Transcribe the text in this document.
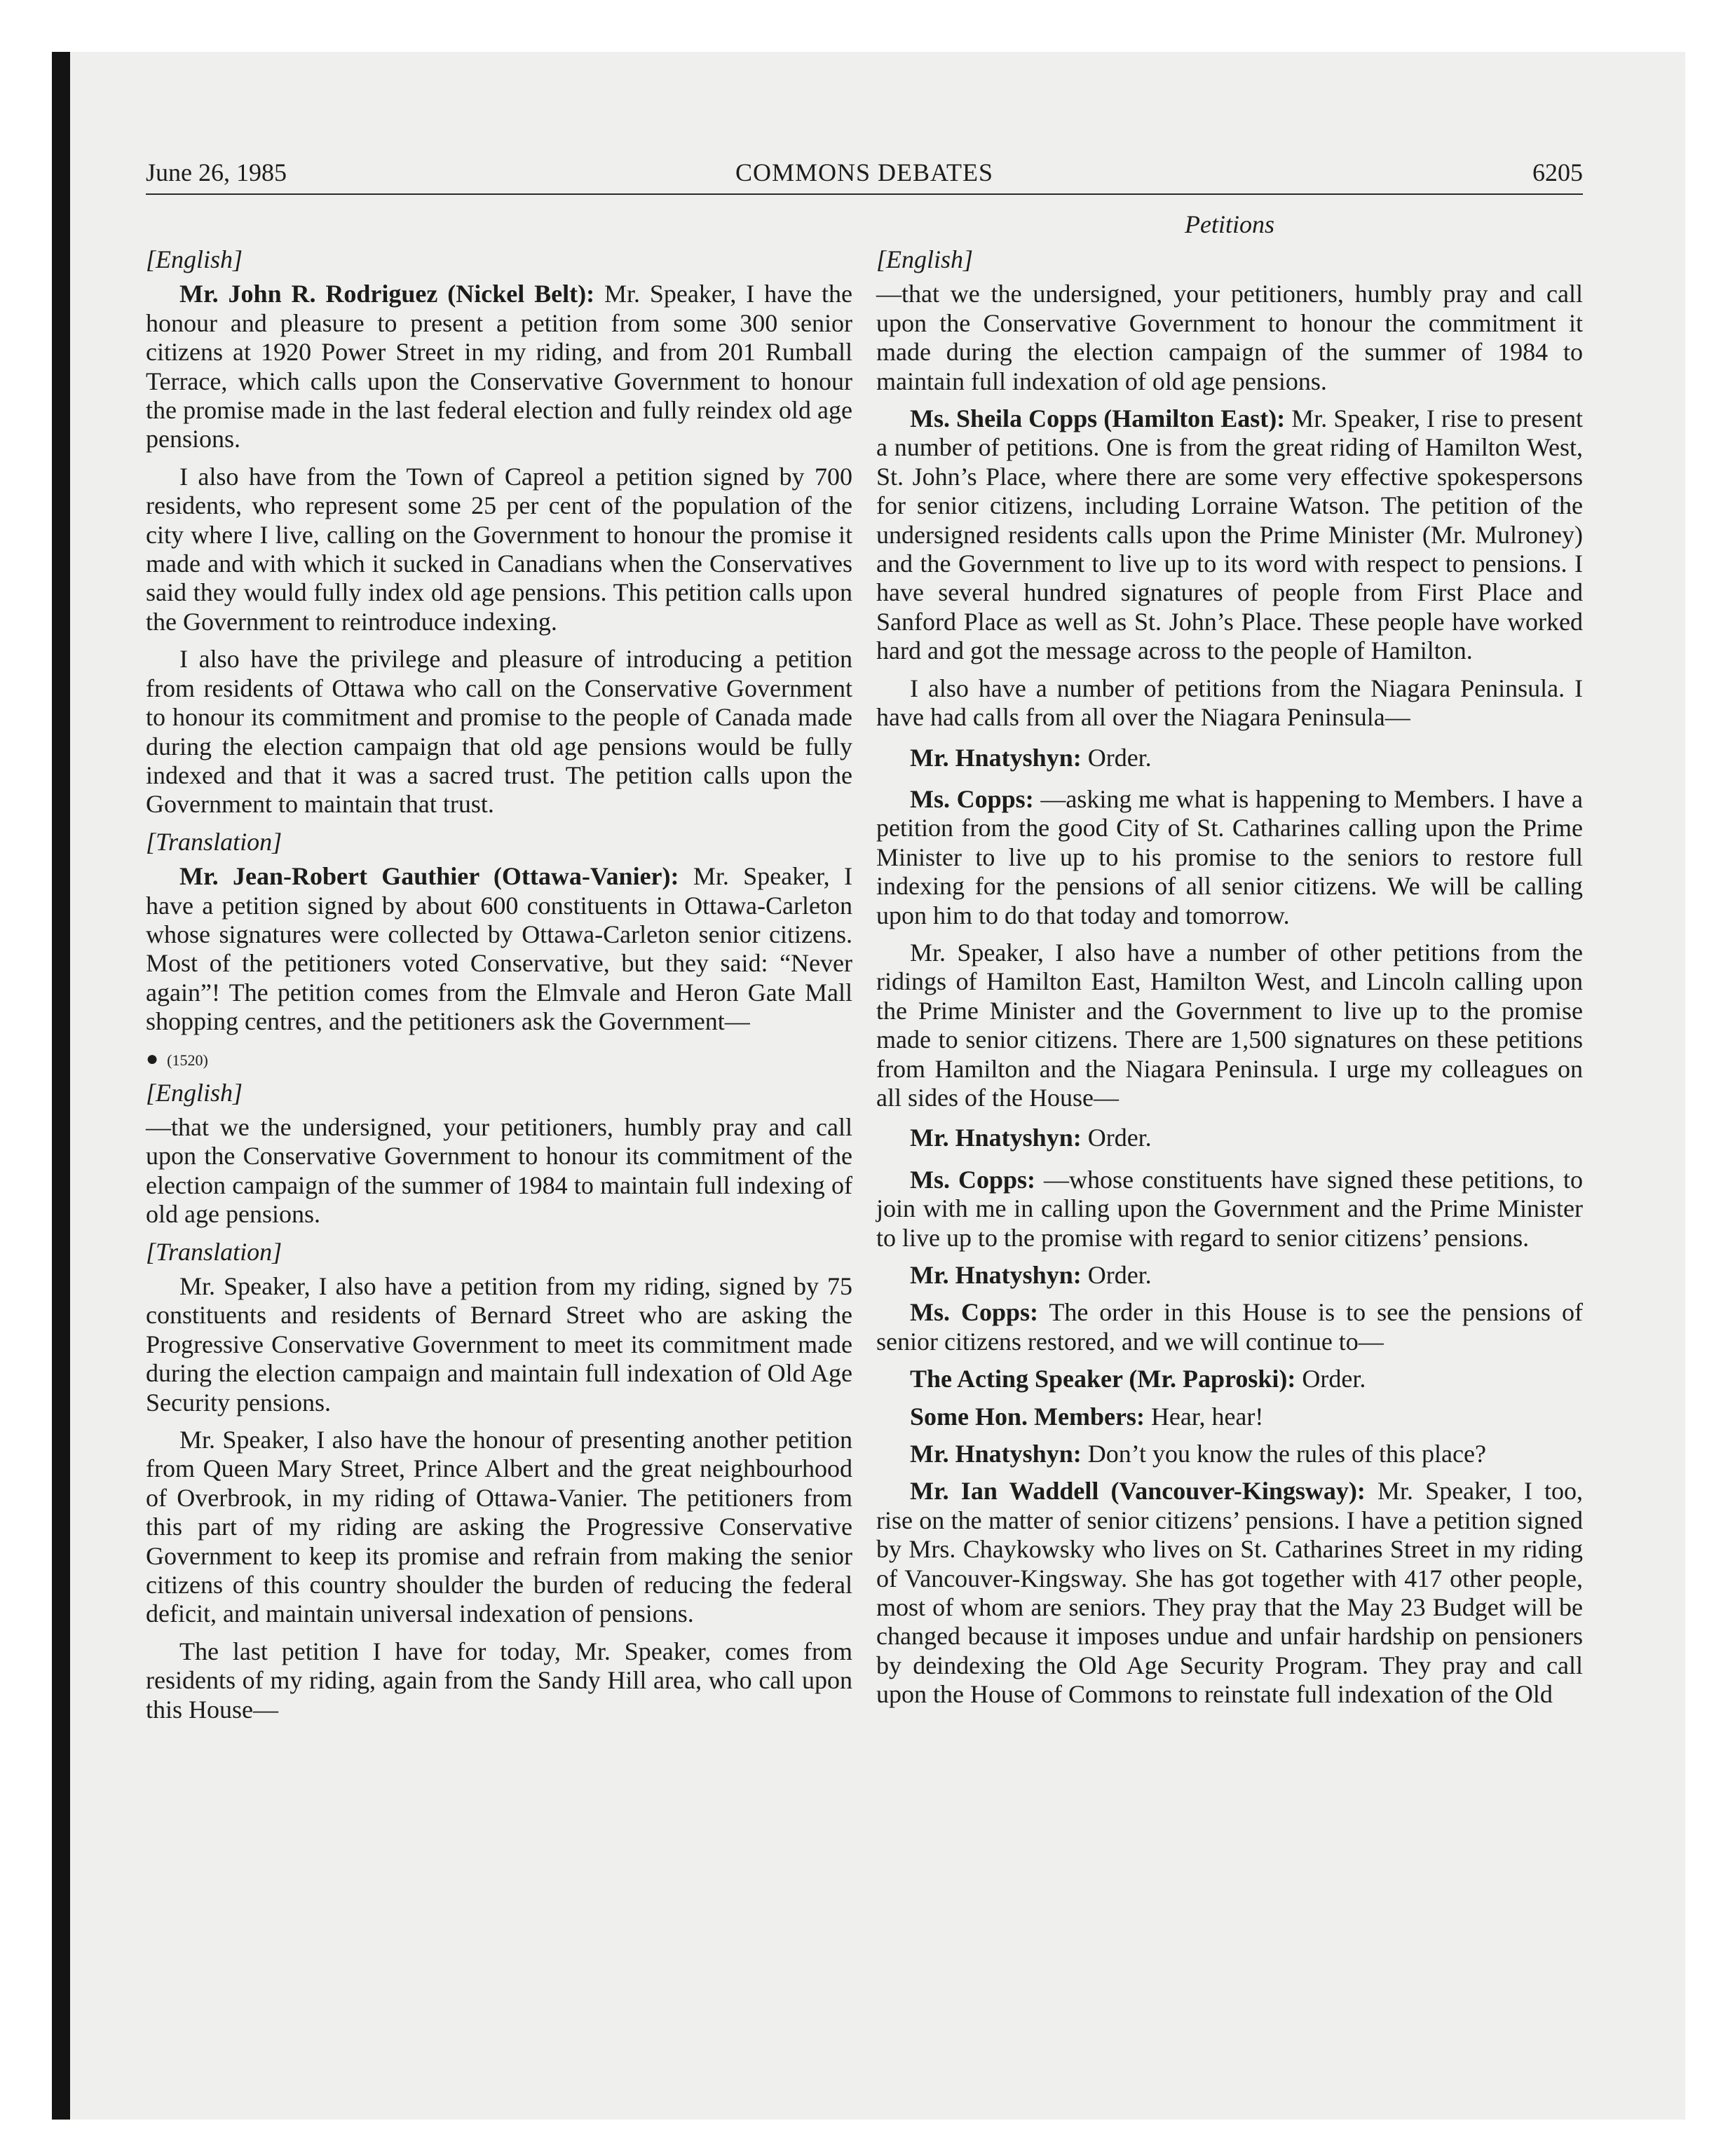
June 26, 1985	COMMONS DEBATES	6205
Petitions

[English]

Mr. John R. Rodriguez (Nickel Belt): Mr. Speaker, I have the honour and pleasure to present a petition from some 300 senior citizens at 1920 Power Street in my riding, and from 201 Rumball Terrace, which calls upon the Conservative Government to honour the promise made in the last federal election and fully reindex old age pensions.

I also have from the Town of Capreol a petition signed by 700 residents, who represent some 25 per cent of the population of the city where I live, calling on the Government to honour the promise it made and with which it sucked in Canadians when the Conservatives said they would fully index old age pensions. This petition calls upon the Government to reintroduce indexing.

I also have the privilege and pleasure of introducing a petition from residents of Ottawa who call on the Conservative Government to honour its commitment and promise to the people of Canada made during the election campaign that old age pensions would be fully indexed and that it was a sacred trust. The petition calls upon the Government to maintain that trust.

[Translation]

Mr. Jean-Robert Gauthier (Ottawa-Vanier): Mr. Speaker, I have a petition signed by about 600 constituents in Ottawa-Carleton whose signatures were collected by Ottawa-Carleton senior citizens. Most of the petitioners voted Conservative, but they said: “Never again”! The petition comes from the Elmvale and Heron Gate Mall shopping centres, and the petitioners ask the Government—

● (1520)

[English]

—that we the undersigned, your petitioners, humbly pray and call upon the Conservative Government to honour its commitment of the election campaign of the summer of 1984 to maintain full indexing of old age pensions.

[Translation]

Mr. Speaker, I also have a petition from my riding, signed by 75 constituents and residents of Bernard Street who are asking the Progressive Conservative Government to meet its commitment made during the election campaign and maintain full indexation of Old Age Security pensions.

Mr. Speaker, I also have the honour of presenting another petition from Queen Mary Street, Prince Albert and the great neighbourhood of Overbrook, in my riding of Ottawa-Vanier. The petitioners from this part of my riding are asking the Progressive Conservative Government to keep its promise and refrain from making the senior citizens of this country shoulder the burden of reducing the federal deficit, and maintain universal indexation of pensions.

The last petition I have for today, Mr. Speaker, comes from residents of my riding, again from the Sandy Hill area, who call upon this House—

[English]

—that we the undersigned, your petitioners, humbly pray and call upon the Conservative Government to honour the commitment it made during the election campaign of the summer of 1984 to maintain full indexation of old age pensions.

Ms. Sheila Copps (Hamilton East): Mr. Speaker, I rise to present a number of petitions. One is from the great riding of Hamilton West, St. John’s Place, where there are some very effective spokespersons for senior citizens, including Lorraine Watson. The petition of the undersigned residents calls upon the Prime Minister (Mr. Mulroney) and the Government to live up to its word with respect to pensions. I have several hundred signatures of people from First Place and Sanford Place as well as St. John’s Place. These people have worked hard and got the message across to the people of Hamilton.

I also have a number of petitions from the Niagara Peninsula. I have had calls from all over the Niagara Peninsula—

Mr. Hnatyshyn: Order.

Ms. Copps: —asking me what is happening to Members. I have a petition from the good City of St. Catharines calling upon the Prime Minister to live up to his promise to the seniors to restore full indexing for the pensions of all senior citizens. We will be calling upon him to do that today and tomorrow.

Mr. Speaker, I also have a number of other petitions from the ridings of Hamilton East, Hamilton West, and Lincoln calling upon the Prime Minister and the Government to live up to the promise made to senior citizens. There are 1,500 signatures on these petitions from Hamilton and the Niagara Peninsula. I urge my colleagues on all sides of the House—

Mr. Hnatyshyn: Order.

Ms. Copps: —whose constituents have signed these petitions, to join with me in calling upon the Government and the Prime Minister to live up to the promise with regard to senior citizens’ pensions.

Mr. Hnatyshyn: Order.

Ms. Copps: The order in this House is to see the pensions of senior citizens restored, and we will continue to—

The Acting Speaker (Mr. Paproski): Order.

Some Hon. Members: Hear, hear!

Mr. Hnatyshyn: Don’t you know the rules of this place?

Mr. Ian Waddell (Vancouver-Kingsway): Mr. Speaker, I too, rise on the matter of senior citizens’ pensions. I have a petition signed by Mrs. Chaykowsky who lives on St. Catharines Street in my riding of Vancouver-Kingsway. She has got together with 417 other people, most of whom are seniors. They pray that the May 23 Budget will be changed because it imposes undue and unfair hardship on pensioners by deindexing the Old Age Security Program. They pray and call upon the House of Commons to reinstate full indexation of the Old
